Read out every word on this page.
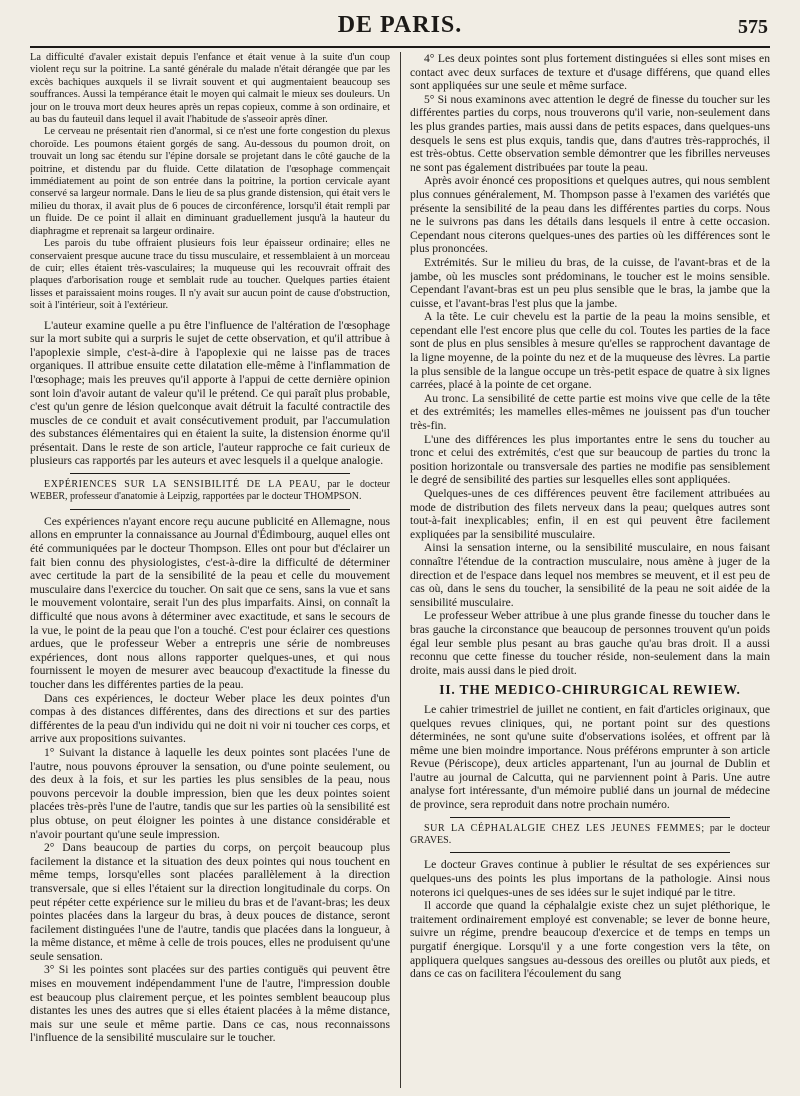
DE PARIS.	575

La difficulté d'avaler existait depuis l'enfance et était venue à la suite d'un coup violent reçu sur la poitrine. La santé générale du malade n'était dérangée que par les excès bachiques auxquels il se livrait souvent et qui augmentaient beaucoup ses souffrances. Aussi la tempérance était le moyen qui calmait le mieux ses douleurs. Un jour on le trouva mort deux heures après un repas copieux, comme à son ordinaire, et au bas du fauteuil dans lequel il avait l'habitude de s'asseoir après dîner.

Le cerveau ne présentait rien d'anormal, si ce n'est une forte congestion du plexus choroïde. Les poumons étaient gorgés de sang. Au-dessous du poumon droit, on trouvait un long sac étendu sur l'épine dorsale se projetant dans le côté gauche de la poitrine, et distendu par du fluide. Cette dilatation de l'œsophage commençait immédiatement au point de son entrée dans la poitrine, la portion cervicale ayant conservé sa largeur normale. Dans le lieu de sa plus grande distension, qui était vers le milieu du thorax, il avait plus de 6 pouces de circonférence, lorsqu'il était rempli par un fluide. De ce point il allait en diminuant graduellement jusqu'à la hauteur du diaphragme et reprenait sa largeur ordinaire.

Les parois du tube offraient plusieurs fois leur épaisseur ordinaire; elles ne conservaient presque aucune trace du tissu musculaire, et ressemblaient à un morceau de cuir; elles étaient très-vasculaires; la muqueuse qui les recouvrait offrait des plaques d'arborisation rouge et semblait rude au toucher. Quelques parties étaient lisses et paraissaient moins rouges. Il n'y avait sur aucun point de cause d'obstruction, soit à l'intérieur, soit à l'extérieur.

L'auteur examine quelle a pu être l'influence de l'altération de l'œsophage sur la mort subite qui a surpris le sujet de cette observation, et qu'il attribue à l'apoplexie simple, c'est-à-dire à l'apoplexie qui ne laisse pas de traces organiques. Il attribue ensuite cette dilatation elle-même à l'inflammation de l'œsophage; mais les preuves qu'il apporte à l'appui de cette dernière opinion sont loin d'avoir autant de valeur qu'il le prétend. Ce qui paraît plus probable, c'est qu'un genre de lésion quelconque avait détruit la faculté contractile des muscles de ce conduit et avait consécutivement produit, par l'accumulation des substances élémentaires qui en étaient la suite, la distension énorme qu'il présentait. Dans le reste de son article, l'auteur rapproche ce fait curieux de plusieurs cas rapportés par les auteurs et avec lesquels il a quelque analogie.

EXPÉRIENCES SUR LA SENSIBILITÉ DE LA PEAU, par le docteur WEBER, professeur d'anatomie à Leipzig, rapportées par le docteur THOMPSON.

Ces expériences n'ayant encore reçu aucune publicité en Allemagne, nous allons en emprunter la connaissance au Journal d'Édimbourg, auquel elles ont été communiquées par le docteur Thompson. Elles ont pour but d'éclairer un fait bien connu des physiologistes, c'est-à-dire la difficulté de déterminer avec certitude la part de la sensibilité de la peau et celle du mouvement musculaire dans l'exercice du toucher. On sait que ce sens, sans la vue et sans le mouvement volontaire, serait l'un des plus imparfaits. Ainsi, on connaît la difficulté que nous avons à déterminer avec exactitude, et sans le secours de la vue, le point de la peau que l'on a touché. C'est pour éclairer ces questions ardues, que le professeur Weber a entrepris une série de nombreuses expériences, dont nous allons rapporter quelques-unes, et qui nous fournissent le moyen de mesurer avec beaucoup d'exactitude la finesse du toucher dans les différentes parties de la peau.

Dans ces expériences, le docteur Weber place les deux pointes d'un compas à des distances différentes, dans des directions et sur des parties différentes de la peau d'un individu qui ne doit ni voir ni toucher ces corps, et arrive aux propositions suivantes.

1° Suivant la distance à laquelle les deux pointes sont placées l'une de l'autre, nous pouvons éprouver la sensation, ou d'une pointe seulement, ou des deux à la fois, et sur les parties les plus sensibles de la peau, nous pouvons percevoir la double impression, bien que les deux pointes soient placées très-près l'une de l'autre, tandis que sur les parties où la sensibilité est plus obtuse, on peut éloigner les pointes à une distance considérable et n'avoir pourtant qu'une seule impression.

2° Dans beaucoup de parties du corps, on perçoit beaucoup plus facilement la distance et la situation des deux pointes qui nous touchent en même temps, lorsqu'elles sont placées parallèlement à la direction transversale, que si elles l'étaient sur la direction longitudinale du corps. On peut répéter cette expérience sur le milieu du bras et de l'avant-bras; les deux pointes placées dans la largeur du bras, à deux pouces de distance, seront facilement distinguées l'une de l'autre, tandis que placées dans la longueur, à la même distance, et même à celle de trois pouces, elles ne produisent qu'une seule sensation.

3° Si les pointes sont placées sur des parties contiguës qui peuvent être mises en mouvement indépendamment l'une de l'autre, l'impression double est beaucoup plus clairement perçue, et les pointes semblent beaucoup plus distantes les unes des autres que si elles étaient placées à la même distance, mais sur une seule et même partie. Dans ce cas, nous reconnaissons l'influence de la sensibilité musculaire sur le toucher.

4° Les deux pointes sont plus fortement distinguées si elles sont mises en contact avec deux surfaces de texture et d'usage différens, que quand elles sont appliquées sur une seule et même surface.

5° Si nous examinons avec attention le degré de finesse du toucher sur les différentes parties du corps, nous trouverons qu'il varie, non-seulement dans les plus grandes parties, mais aussi dans de petits espaces, dans quelques-uns desquels le sens est plus exquis, tandis que, dans d'autres très-rapprochés, il est très-obtus. Cette observation semble démontrer que les fibrilles nerveuses ne sont pas également distribuées par toute la peau.

Après avoir énoncé ces propositions et quelques autres, qui nous semblent plus connues généralement, M. Thompson passe à l'examen des variétés que présente la sensibilité de la peau dans les différentes parties du corps. Nous ne le suivrons pas dans les détails dans lesquels il entre à cette occasion. Cependant nous citerons quelques-unes des parties où les différences sont le plus prononcées.

Extrémités. Sur le milieu du bras, de la cuisse, de l'avant-bras et de la jambe, où les muscles sont prédominans, le toucher est le moins sensible. Cependant l'avant-bras est un peu plus sensible que le bras, la jambe que la cuisse, et l'avant-bras l'est plus que la jambe.

A la tête. Le cuir chevelu est la partie de la peau la moins sensible, et cependant elle l'est encore plus que celle du col. Toutes les parties de la face sont de plus en plus sensibles à mesure qu'elles se rapprochent davantage de la ligne moyenne, de la pointe du nez et de la muqueuse des lèvres. La partie la plus sensible de la langue occupe un très-petit espace de quatre à six lignes carrées, placé à la pointe de cet organe.

Au tronc. La sensibilité de cette partie est moins vive que celle de la tête et des extrémités; les mamelles elles-mêmes ne jouissent pas d'un toucher très-fin.

L'une des différences les plus importantes entre le sens du toucher au tronc et celui des extrémités, c'est que sur beaucoup de parties du tronc la position horizontale ou transversale des parties ne modifie pas sensiblement le degré de sensibilité des parties sur lesquelles elles sont appliquées.

Quelques-unes de ces différences peuvent être facilement attribuées au mode de distribution des filets nerveux dans la peau; quelques autres sont tout-à-fait inexplicables; enfin, il en est qui peuvent être facilement expliquées par la sensibilité musculaire.

Ainsi la sensation interne, ou la sensibilité musculaire, en nous faisant connaître l'étendue de la contraction musculaire, nous amène à juger de la direction et de l'espace dans lequel nos membres se meuvent, et il est peu de cas où, dans le sens du toucher, la sensibilité de la peau ne soit aidée de la sensibilité musculaire.

Le professeur Weber attribue à une plus grande finesse du toucher dans le bras gauche la circonstance que beaucoup de personnes trouvent qu'un poids égal leur semble plus pesant au bras gauche qu'au bras droit. Il a aussi reconnu que cette finesse du toucher réside, non-seulement dans la main droite, mais aussi dans le pied droit.

II. THE MEDICO-CHIRURGICAL REWIEW.

Le cahier trimestriel de juillet ne contient, en fait d'articles originaux, que quelques revues cliniques, qui, ne portant point sur des questions déterminées, ne sont qu'une suite d'observations isolées, et offrent par là même une bien moindre importance. Nous préférons emprunter à son article Revue (Périscope), deux articles appartenant, l'un au journal de Dublin et l'autre au journal de Calcutta, qui ne parviennent point à Paris. Une autre analyse fort intéressante, d'un mémoire publié dans un journal de médecine de province, sera reproduit dans notre prochain numéro.

SUR LA CÉPHALALGIE CHEZ LES JEUNES FEMMES; par le docteur GRAVES.

Le docteur Graves continue à publier le résultat de ses expériences sur quelques-uns des points les plus importans de la pathologie. Ainsi nous noterons ici quelques-unes de ses idées sur le sujet indiqué par le titre.

Il accorde que quand la céphalalgie existe chez un sujet pléthorique, le traitement ordinairement employé est convenable; se lever de bonne heure, suivre un régime, prendre beaucoup d'exercice et de temps en temps un purgatif énergique. Lorsqu'il y a une forte congestion vers la tête, on appliquera quelques sangsues au-dessous des oreilles ou plutôt aux pieds, et dans ce cas on facilitera l'écoulement du sang
